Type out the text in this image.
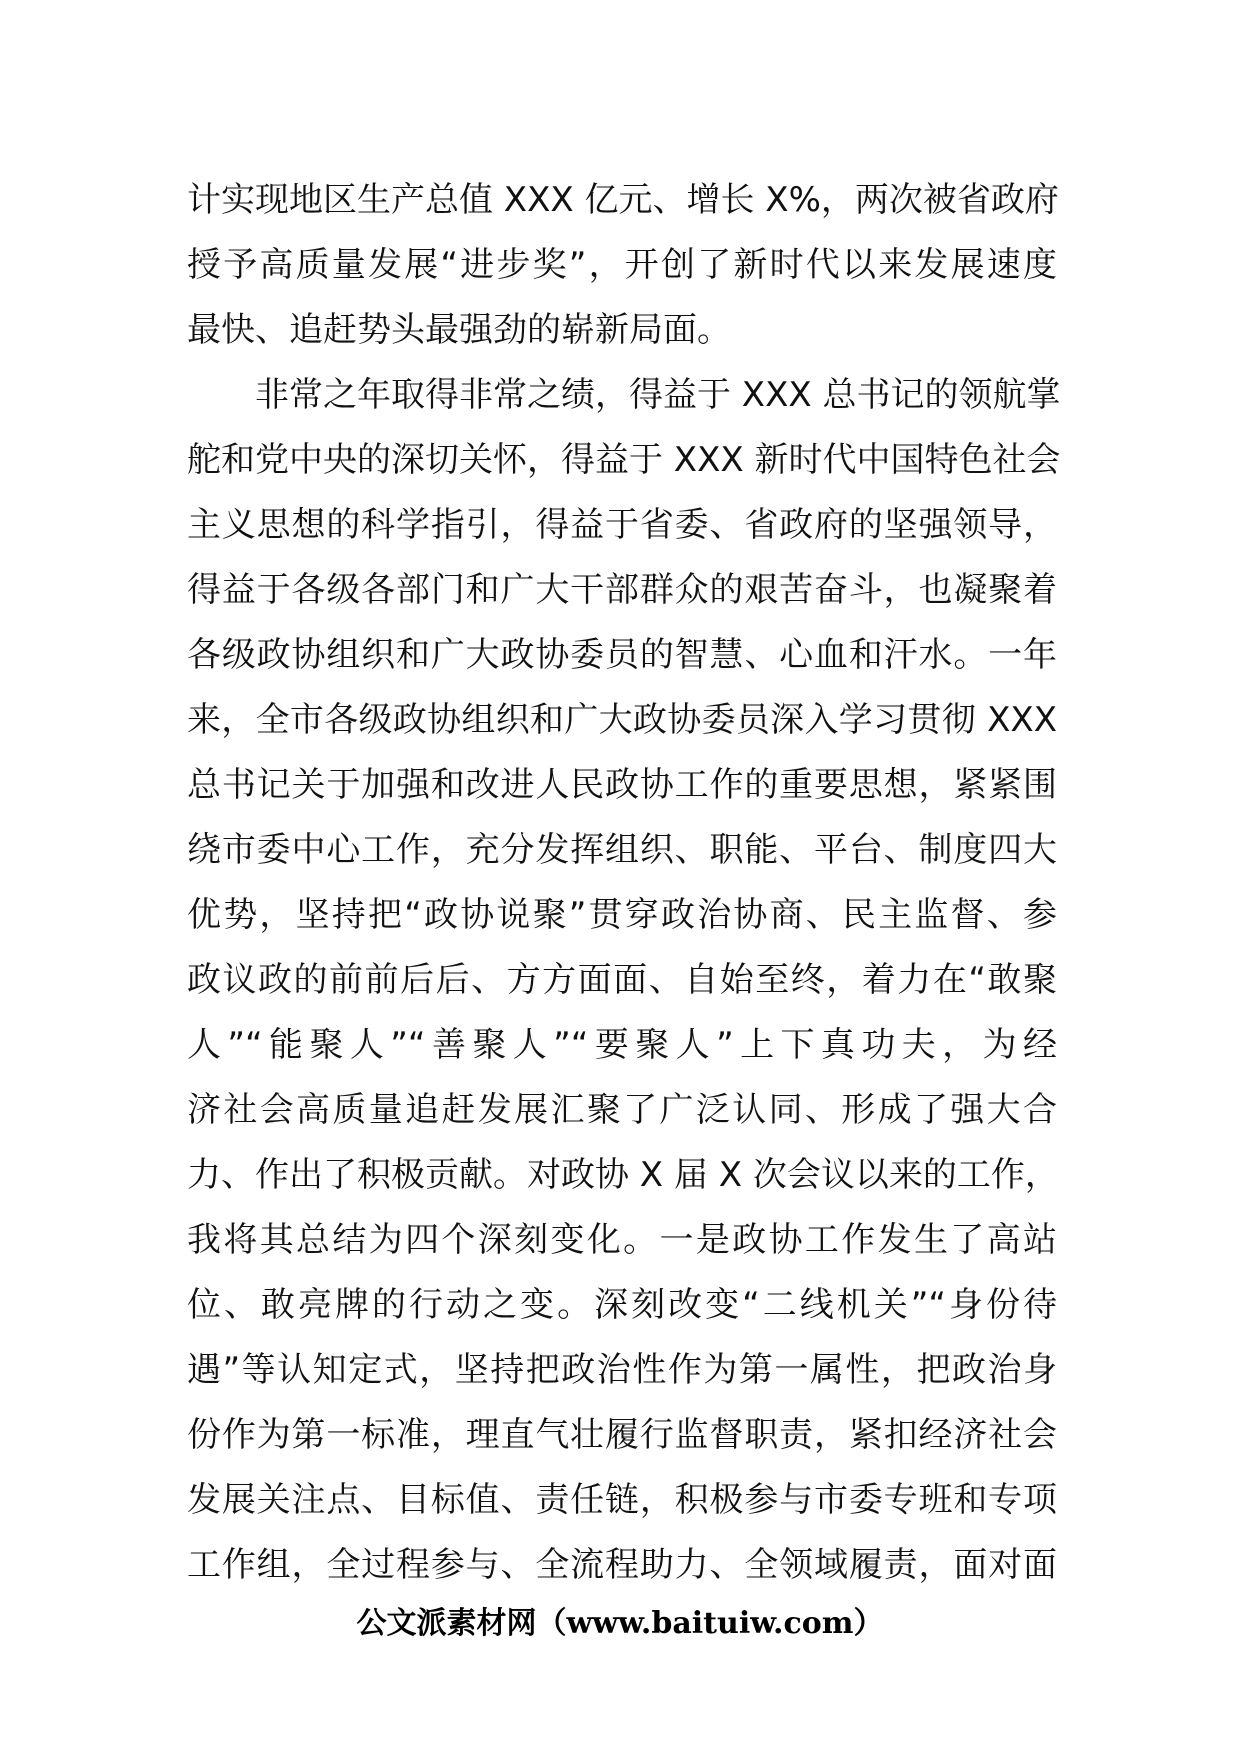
计实现地区生产总值 XXX 亿元、增长 X%，两次被省政府
授予高质量发展“进步奖”，开创了新时代以来发展速度
最快、追赶势头最强劲的崭新局面。
　　非常之年取得非常之绩，得益于 XXX 总书记的领航掌
舵和党中央的深切关怀，得益于 XXX 新时代中国特色社会
主义思想的科学指引，得益于省委、省政府的坚强领导，
得益于各级各部门和广大干部群众的艰苦奋斗，也凝聚着
各级政协组织和广大政协委员的智慧、心血和汗水。一年
来，全市各级政协组织和广大政协委员深入学习贯彻 XXX
总书记关于加强和改进人民政协工作的重要思想，紧紧围
绕市委中心工作，充分发挥组织、职能、平台、制度四大
优势，坚持把“政协说聚”贯穿政治协商、民主监督、参
政议政的前前后后、方方面面、自始至终，着力在“敢聚
人”“能聚人”“善聚人”“要聚人”上下真功夫，为经
济社会高质量追赶发展汇聚了广泛认同、形成了强大合
力、作出了积极贡献。对政协 X 届 X 次会议以来的工作，
我将其总结为四个深刻变化。一是政协工作发生了高站
位、敢亮牌的行动之变。深刻改变“二线机关”“身份待
遇”等认知定式，坚持把政治性作为第一属性，把政治身
份作为第一标准，理直气壮履行监督职责，紧扣经济社会
发展关注点、目标值、责任链，积极参与市委专班和专项
工作组，全过程参与、全流程助力、全领域履责，面对面
公文派素材网（www.baituiw.com）
